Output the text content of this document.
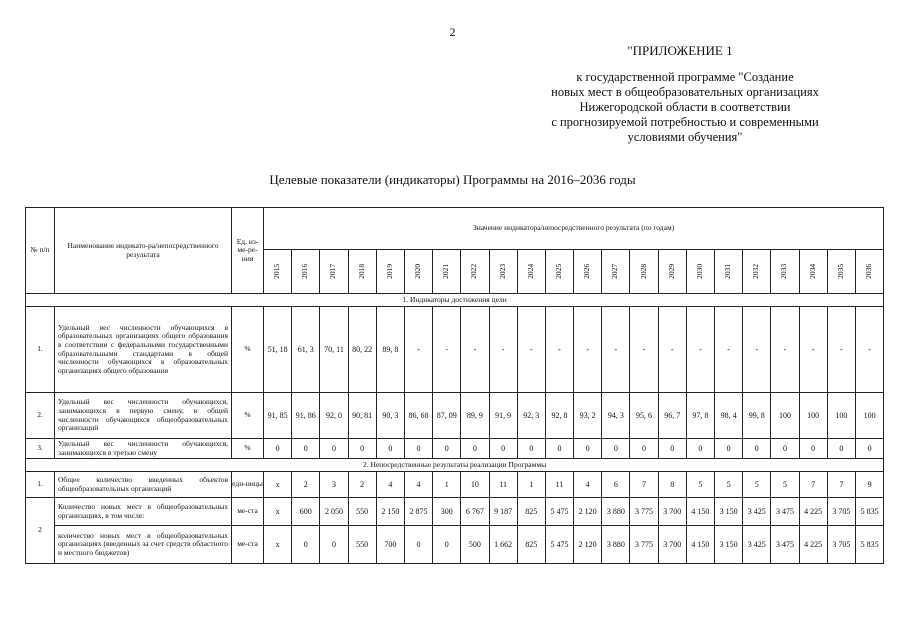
2
"ПРИЛОЖЕНИЕ 1
к государственной программе "Создание
новых мест в общеобразовательных организациях
Нижегородской области в соответствии
с прогнозируемой потребностью и современными
условиями обучения"
Целевые показатели (индикаторы) Программы на 2016–2036 годы
№ п/п	Наименование индикато-ра/непосредственного результата	Ед. из-ме-ре-ния	Значение индикатора/непосредственного результата (по годам)																					
			2015	2016	2017	2018	2019	2020	2021	2022	2023	2024	2025	2026	2027	2028	2029	2030	2031	2032	2033	2034	2035	2036
1. Индикаторы достижения цели																								
1.	Удельный вес численности обучающихся в образовательных организациях общего образования в соответствии с федеральными государственными образовательными стандартами в общей численности обучающихся в образовательных организациях общего образования	%	51, 18	61, 3	70, 11	80, 22	89, 8	-	-	-	-	-	-	-	-	-	-	-	-	-	-	-	-	-
2.	Удельный вес численности обучающихся, занимающихся в первую смену, в общей численности обучающихся общеобразовательных организаций	%	91, 85	91, 86	92, 0	90, 81	90, 3	86, 68	87, 09	89, 9	91, 9	92, 3	92, 8	93, 2	94, 3	95, 6	96, 7	97, 8	98, 4	99, 8	100	100	100	100
3.	Удельный вес численности обучающихся, занимающихся в третью смену	%	0	0	0	0	0	0	0	0	0	0	0	0	0	0	0	0	0	0	0	0	0	0
2. Непосредственные результаты реализации Программы																								
1.	Общее количество введенных объектов общеобразовательных организаций	еди-ницы	x	2	3	2	4	4	1	10	11	1	11	4	6	7	8	5	5	5	5	7	7	9
2	Количество новых мест в общеобразовательных организациях, в том числе:	ме-ста	x	600	2 050	550	2 150	2 875	300	6 767	9 187	825	5 475	2 120	3 880	3 775	3 700	4 150	3 150	3 425	3 475	4 225	3 705	5 835
	количество новых мест в общеобразовательных организациях (введенных за счет средств областного и местного бюджетов)	ме-ста	x	0	0	550	700	0	0	500	1 662	825	5 475	2 120	3 880	3 775	3 700	4 150	3 150	3 425	3 475	4 225	3 705	5 835
